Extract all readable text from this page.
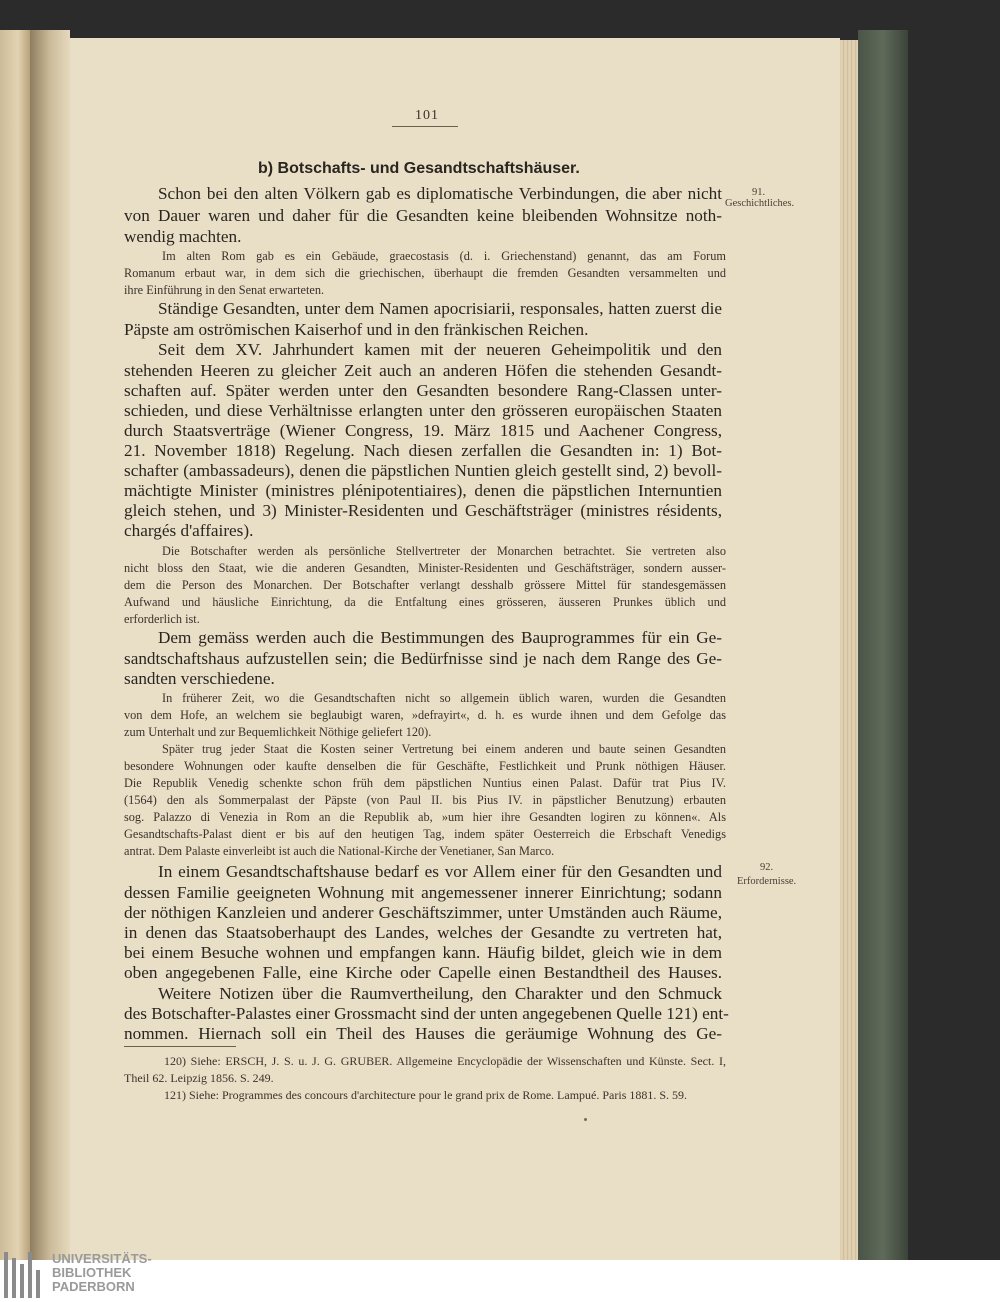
101
b) Botschafts- und Gesandtschaftshäuser.
91.
Geschichtliches.
92.
Erfordernisse.
Schon bei den alten Völkern gab es diplomatische Verbindungen, die aber nicht
von Dauer waren und daher für die Gesandten keine bleibenden Wohnsitze noth-
wendig machten.
Im alten Rom gab es ein Gebäude, graecostasis (d. i. Griechenstand) genannt, das am Forum
Romanum erbaut war, in dem sich die griechischen, überhaupt die fremden Gesandten versammelten und
ihre Einführung in den Senat erwarteten.
Ständige Gesandten, unter dem Namen apocrisiarii, responsales, hatten zuerst die
Päpste am oströmischen Kaiserhof und in den fränkischen Reichen.
Seit dem XV. Jahrhundert kamen mit der neueren Geheimpolitik und den
stehenden Heeren zu gleicher Zeit auch an anderen Höfen die stehenden Gesandt-
schaften auf. Später werden unter den Gesandten besondere Rang-Classen unter-
schieden, und diese Verhältnisse erlangten unter den grösseren europäischen Staaten
durch Staatsverträge (Wiener Congress, 19. März 1815 und Aachener Congress,
21. November 1818) Regelung. Nach diesen zerfallen die Gesandten in: 1) Bot-
schafter (ambassadeurs), denen die päpstlichen Nuntien gleich gestellt sind, 2) bevoll-
mächtigte Minister (ministres plénipotentiaires), denen die päpstlichen Internuntien
gleich stehen, und 3) Minister-Residenten und Geschäftsträger (ministres résidents,
chargés d'affaires).
Die Botschafter werden als persönliche Stellvertreter der Monarchen betrachtet. Sie vertreten also
nicht bloss den Staat, wie die anderen Gesandten, Minister-Residenten und Geschäftsträger, sondern ausser-
dem die Person des Monarchen. Der Botschafter verlangt desshalb grössere Mittel für standesgemässen
Aufwand und häusliche Einrichtung, da die Entfaltung eines grösseren, äusseren Prunkes üblich und
erforderlich ist.
Dem gemäss werden auch die Bestimmungen des Bauprogrammes für ein Ge-
sandtschaftshaus aufzustellen sein; die Bedürfnisse sind je nach dem Range des Ge-
sandten verschiedene.
In früherer Zeit, wo die Gesandtschaften nicht so allgemein üblich waren, wurden die Gesandten
von dem Hofe, an welchem sie beglaubigt waren, »defrayirt«, d. h. es wurde ihnen und dem Gefolge das
zum Unterhalt und zur Bequemlichkeit Nöthige geliefert 120).
Später trug jeder Staat die Kosten seiner Vertretung bei einem anderen und baute seinen Gesandten
besondere Wohnungen oder kaufte denselben die für Geschäfte, Festlichkeit und Prunk nöthigen Häuser.
Die Republik Venedig schenkte schon früh dem päpstlichen Nuntius einen Palast. Dafür trat Pius IV.
(1564) den als Sommerpalast der Päpste (von Paul II. bis Pius IV. in päpstlicher Benutzung) erbauten
sog. Palazzo di Venezia in Rom an die Republik ab, »um hier ihre Gesandten logiren zu können«. Als
Gesandtschafts-Palast dient er bis auf den heutigen Tag, indem später Oesterreich die Erbschaft Venedigs
antrat. Dem Palaste einverleibt ist auch die National-Kirche der Venetianer, San Marco.
In einem Gesandtschaftshause bedarf es vor Allem einer für den Gesandten und
dessen Familie geeigneten Wohnung mit angemessener innerer Einrichtung; sodann
der nöthigen Kanzleien und anderer Geschäftszimmer, unter Umständen auch Räume,
in denen das Staatsoberhaupt des Landes, welches der Gesandte zu vertreten hat,
bei einem Besuche wohnen und empfangen kann. Häufig bildet, gleich wie in dem
oben angegebenen Falle, eine Kirche oder Capelle einen Bestandtheil des Hauses.
Weitere Notizen über die Raumvertheilung, den Charakter und den Schmuck
des Botschafter-Palastes einer Grossmacht sind der unten angegebenen Quelle 121) ent-
nommen. Hiernach soll ein Theil des Hauses die geräumige Wohnung des Ge-
120) Siehe: ERSCH, J. S. u. J. G. GRUBER. Allgemeine Encyclopädie der Wissenschaften und Künste. Sect. I,
Theil 62. Leipzig 1856. S. 249.
121) Siehe: Programmes des concours d'architecture pour le grand prix de Rome. Lampué. Paris 1881. S. 59.
UNIVERSITÄTS-
BIBLIOTHEK
PADERBORN
